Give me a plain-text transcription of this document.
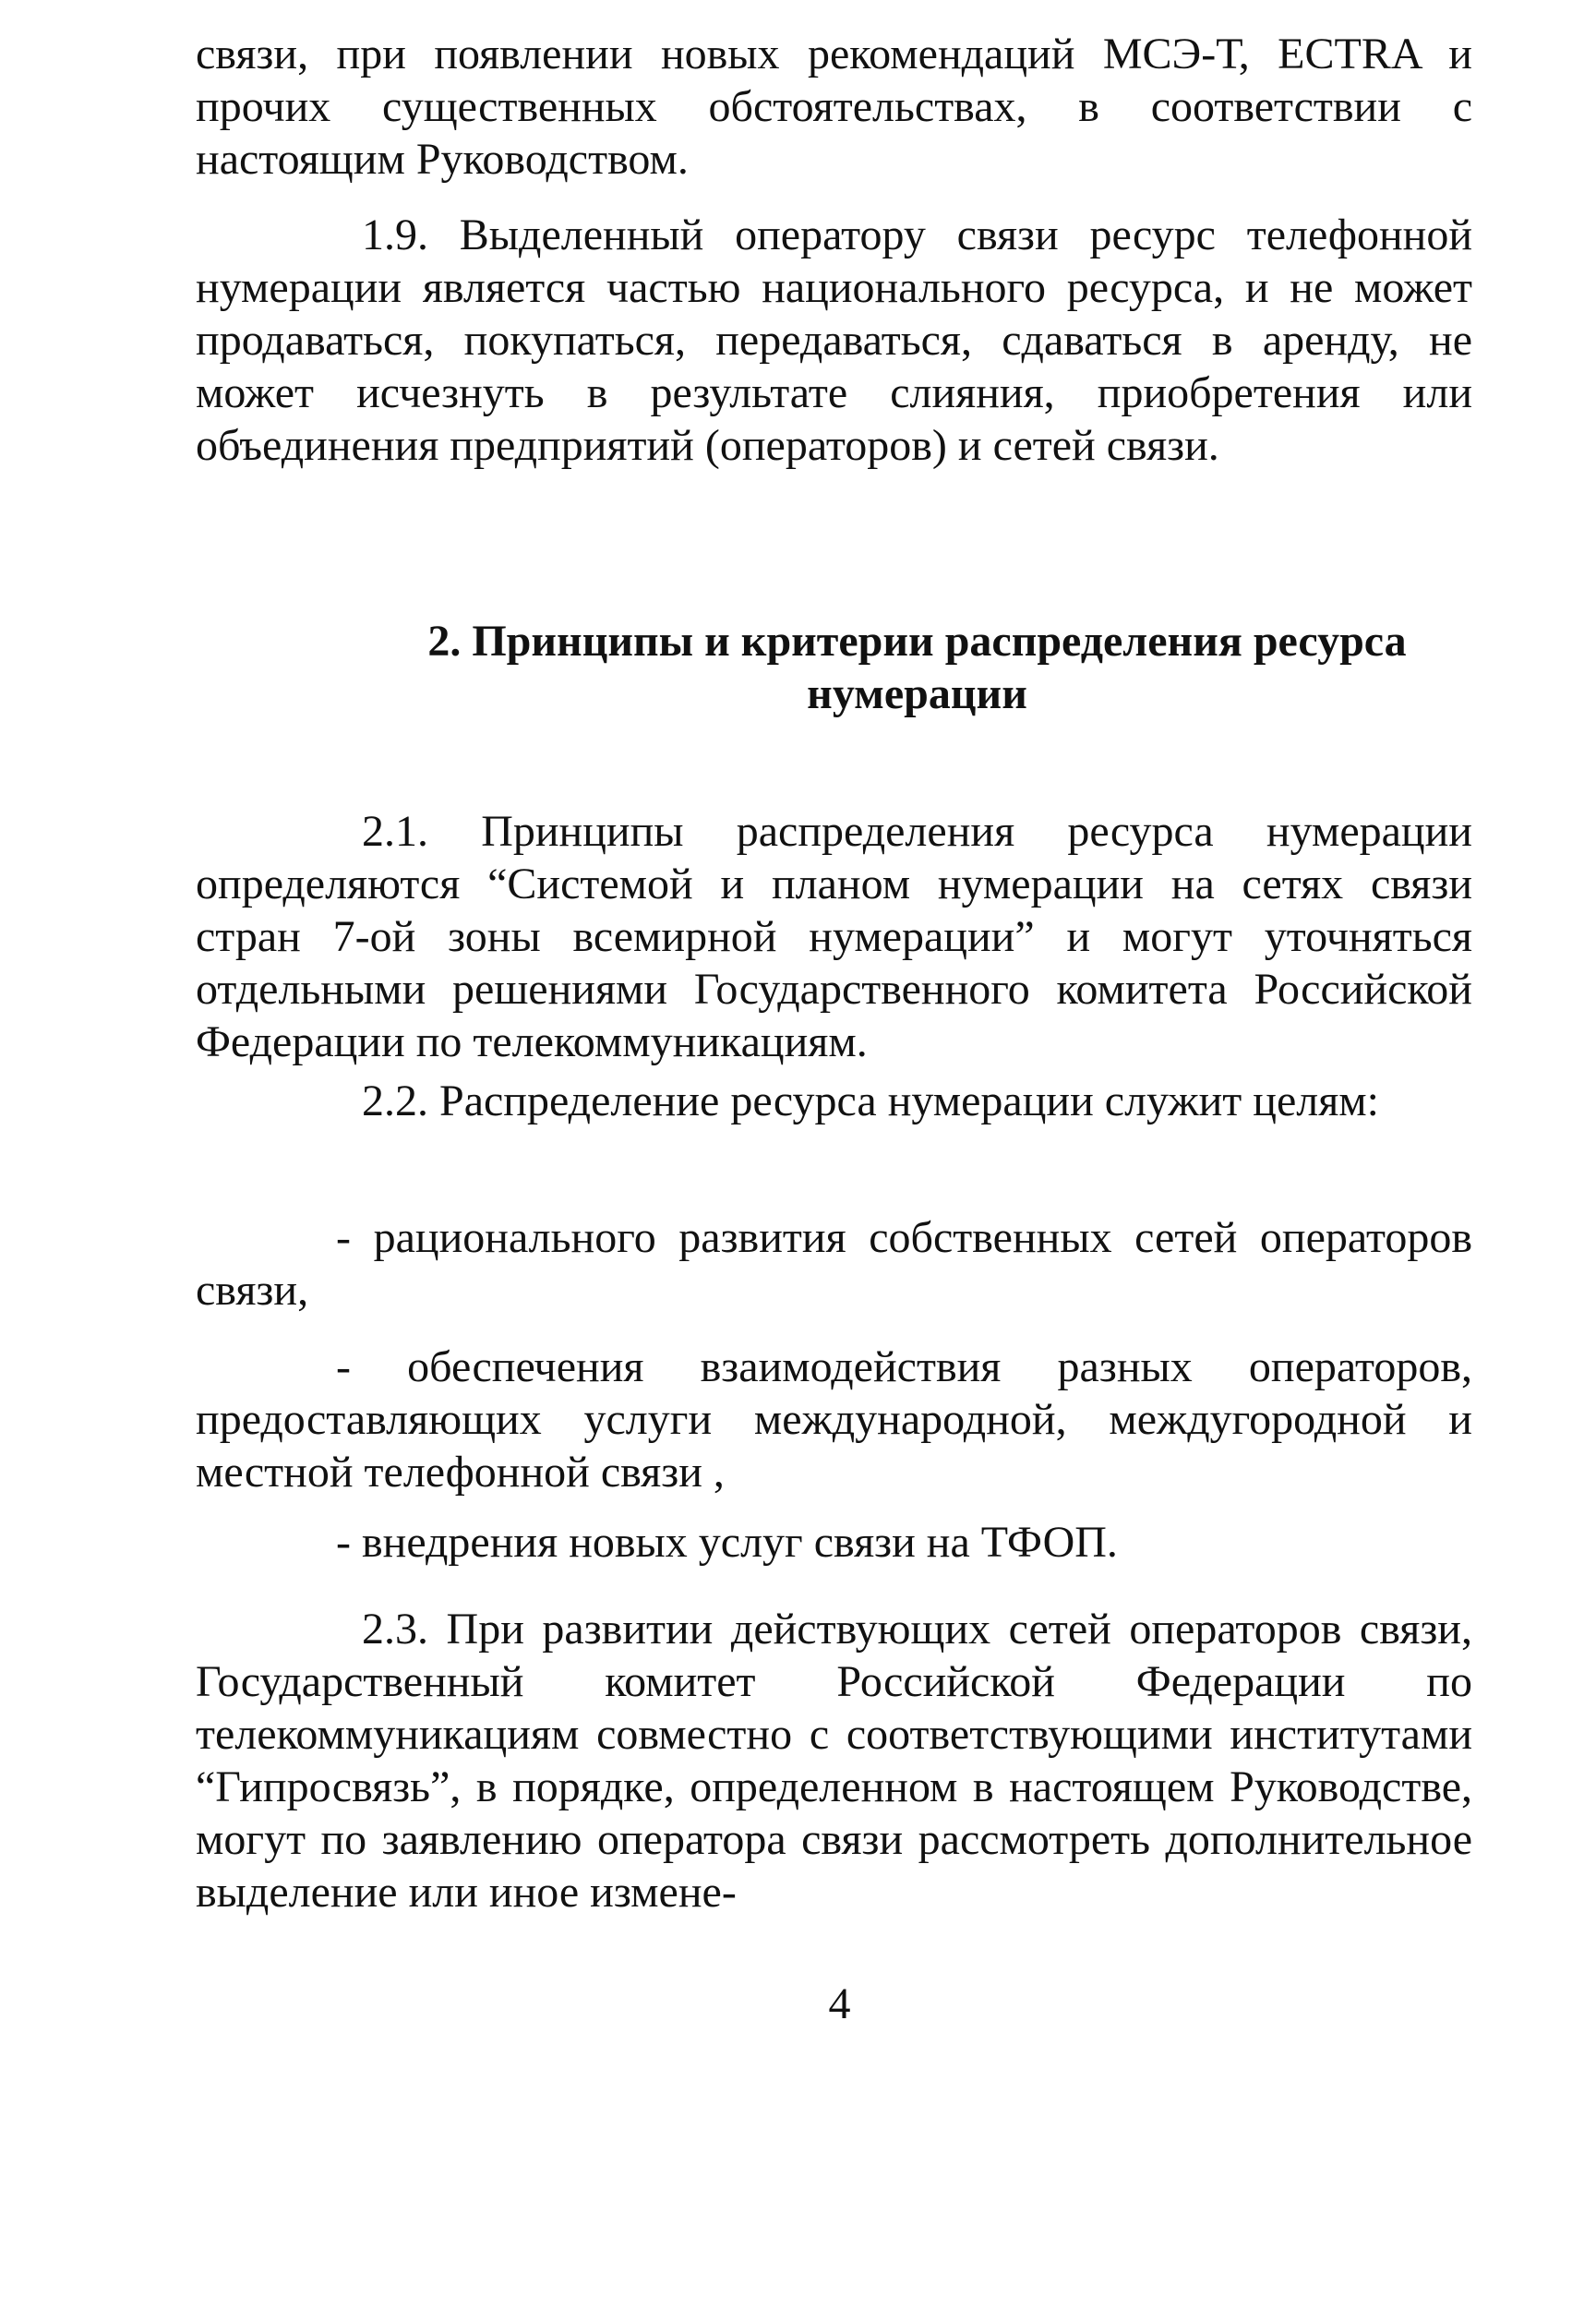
связи, при появлении новых рекомендаций МСЭ-Т, ECTRA и прочих существенных обстоятельствах, в соответствии с настоящим Руководством.

1.9. Выделенный оператору связи ресурс телефонной нумерации является частью национального ресурса, и не может продаваться, покупаться, передаваться, сдаваться в аренду, не может исчезнуть в результате слияния, приобретения или объединения предприятий (операторов) и сетей связи.

2. Принципы и критерии распределения ресурса нумерации

2.1. Принципы распределения ресурса нумерации определяются “Системой и планом нумерации на сетях связи стран 7-ой зоны всемирной нумерации” и могут уточняться отдельными решениями Государственного комитета Российской Федерации по телекоммуникациям.

2.2. Распределение ресурса нумерации служит целям:

- рационального развития собственных сетей операторов связи,

- обеспечения взаимодействия разных операторов, предоставляющих услуги международной, междугородной и местной телефонной связи ,

- внедрения новых услуг связи на ТФОП.

2.3. При развитии действующих сетей операторов связи, Государственный комитет Российской Федерации по телекоммуникациям совместно с соответствующими институтами “Гипросвязь”, в порядке, определенном в настоящем Руководстве, могут по заявлению оператора связи рассмотреть дополнительное выделение или иное измене-

4
